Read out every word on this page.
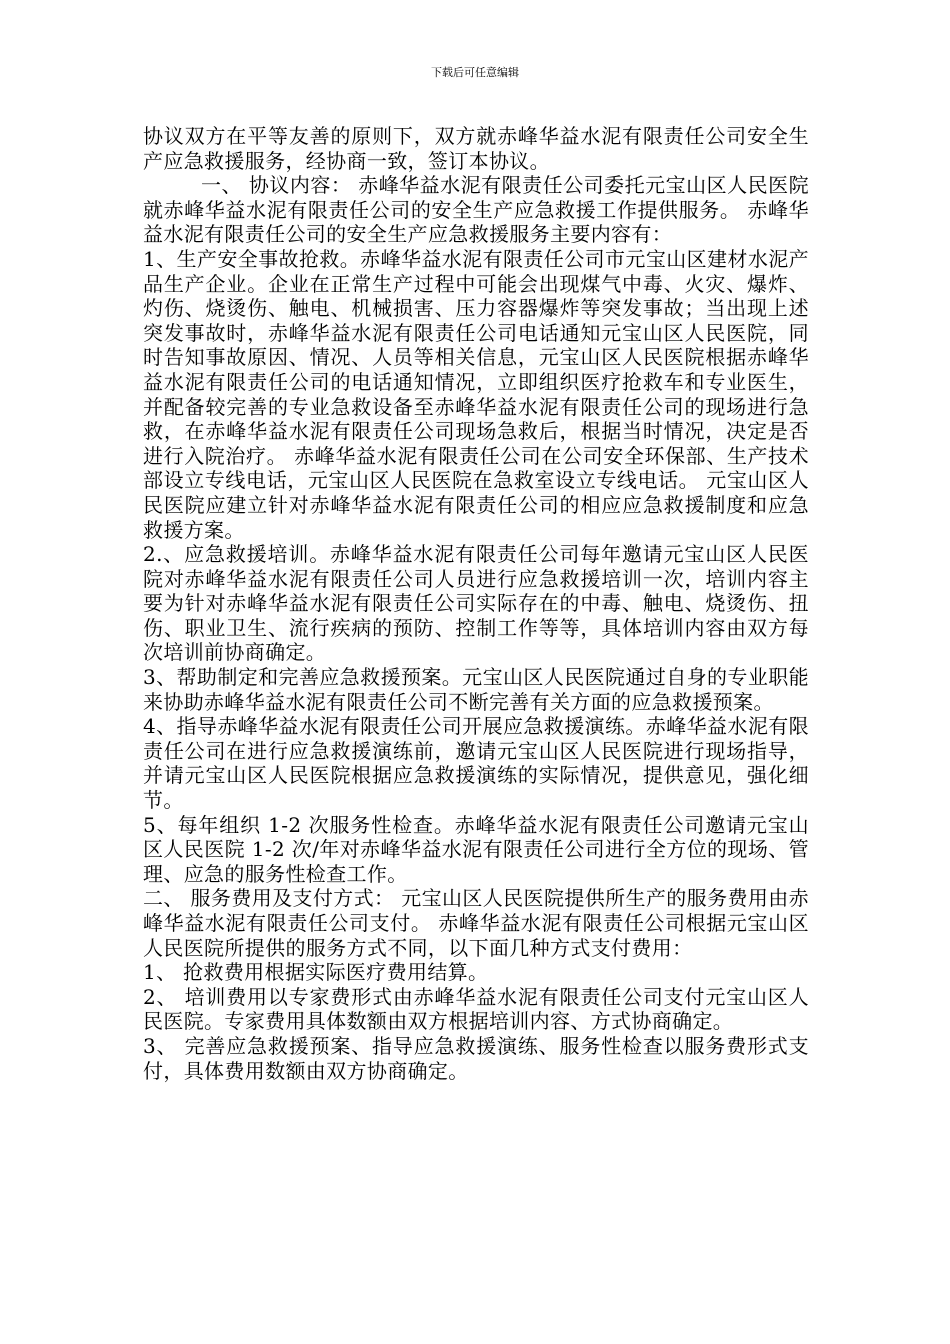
下载后可任意编辑

协议双方在平等友善的原则下，双方就赤峰华益水泥有限责任公司安全生产应急救援服务，经协商一致，签订本协议。

一、 协议内容： 赤峰华益水泥有限责任公司委托元宝山区人民医院就赤峰华益水泥有限责任公司的安全生产应急救援工作提供服务。 赤峰华益水泥有限责任公司的安全生产应急救援服务主要内容有：

1、生产安全事故抢救。赤峰华益水泥有限责任公司市元宝山区建材水泥产品生产企业。企业在正常生产过程中可能会出现煤气中毒、火灾、爆炸、灼伤、烧烫伤、触电、机械损害、压力容器爆炸等突发事故；当出现上述突发事故时，赤峰华益水泥有限责任公司电话通知元宝山区人民医院，同时告知事故原因、情况、人员等相关信息，元宝山区人民医院根据赤峰华益水泥有限责任公司的电话通知情况，立即组织医疗抢救车和专业医生，并配备较完善的专业急救设备至赤峰华益水泥有限责任公司的现场进行急救，在赤峰华益水泥有限责任公司现场急救后，根据当时情况，决定是否进行入院治疗。 赤峰华益水泥有限责任公司在公司安全环保部、生产技术部设立专线电话，元宝山区人民医院在急救室设立专线电话。 元宝山区人民医院应建立针对赤峰华益水泥有限责任公司的相应应急救援制度和应急救援方案。

2.、应急救援培训。赤峰华益水泥有限责任公司每年邀请元宝山区人民医院对赤峰华益水泥有限责任公司人员进行应急救援培训一次，培训内容主要为针对赤峰华益水泥有限责任公司实际存在的中毒、触电、烧烫伤、扭伤、职业卫生、流行疾病的预防、控制工作等等，具体培训内容由双方每次培训前协商确定。

3、帮助制定和完善应急救援预案。元宝山区人民医院通过自身的专业职能来协助赤峰华益水泥有限责任公司不断完善有关方面的应急救援预案。

4、指导赤峰华益水泥有限责任公司开展应急救援演练。赤峰华益水泥有限责任公司在进行应急救援演练前，邀请元宝山区人民医院进行现场指导，并请元宝山区人民医院根据应急救援演练的实际情况，提供意见，强化细节。

5、每年组织 1-2 次服务性检查。赤峰华益水泥有限责任公司邀请元宝山区人民医院 1-2 次/年对赤峰华益水泥有限责任公司进行全方位的现场、管理、应急的服务性检查工作。

二、 服务费用及支付方式： 元宝山区人民医院提供所生产的服务费用由赤峰华益水泥有限责任公司支付。 赤峰华益水泥有限责任公司根据元宝山区人民医院所提供的服务方式不同，以下面几种方式支付费用：

1、 抢救费用根据实际医疗费用结算。

2、 培训费用以专家费形式由赤峰华益水泥有限责任公司支付元宝山区人民医院。专家费用具体数额由双方根据培训内容、方式协商确定。

3、 完善应急救援预案、指导应急救援演练、服务性检查以服务费形式支付，具体费用数额由双方协商确定。
